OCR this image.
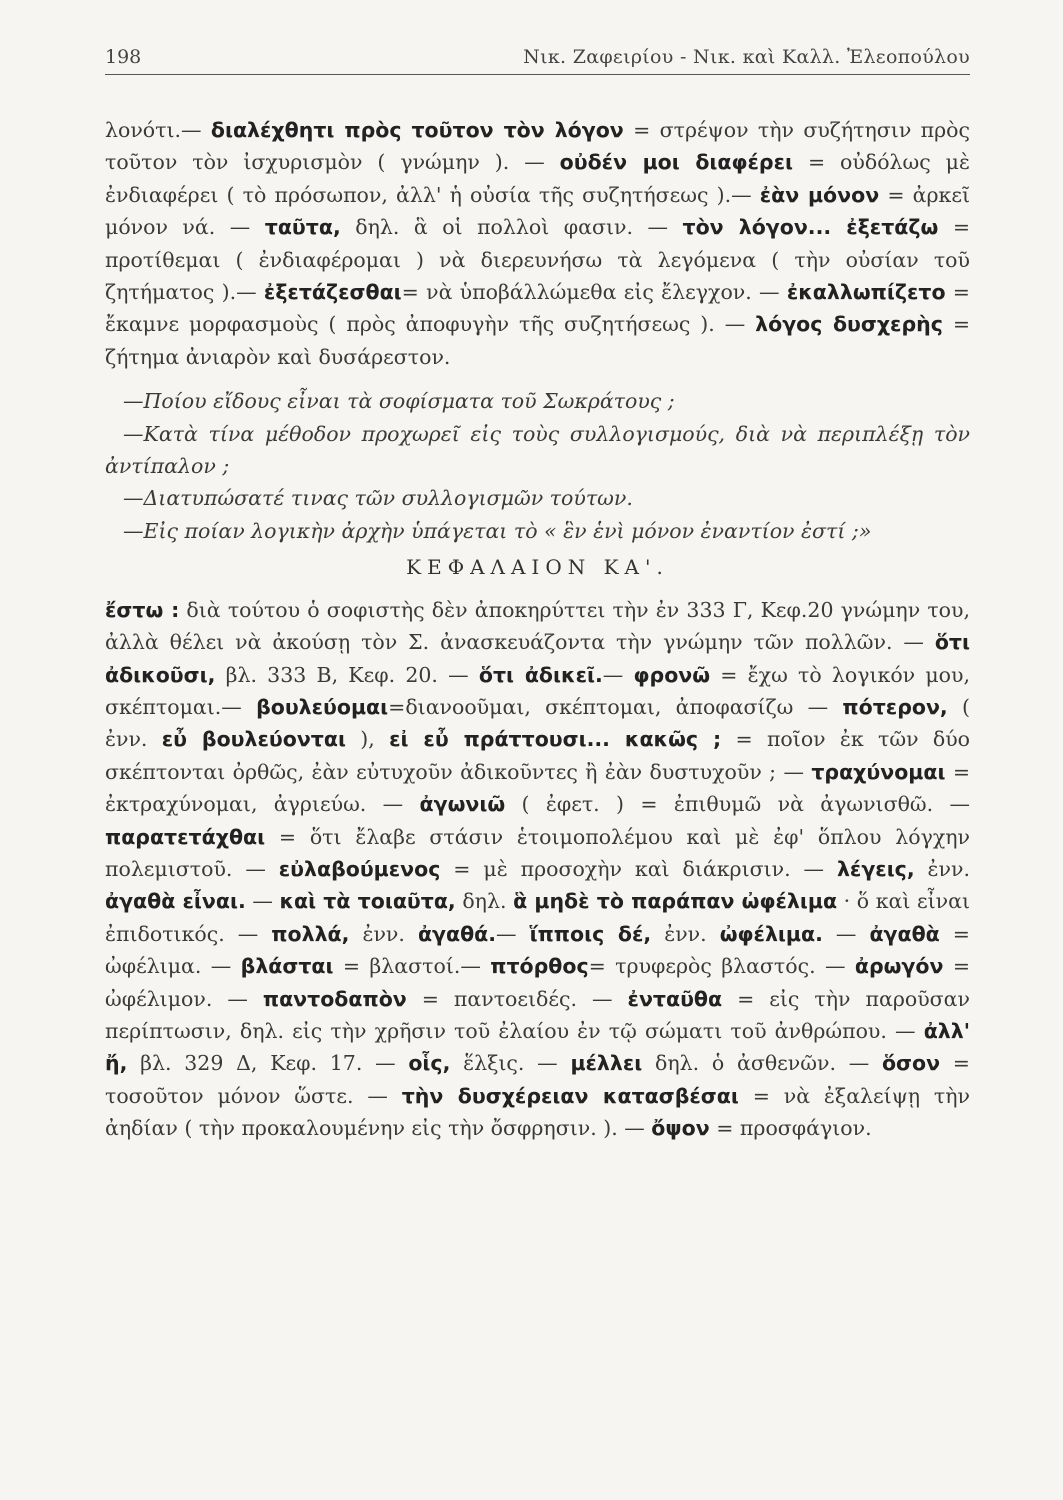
198	Νικ. Ζαφειρίου - Νικ. καὶ Καλλ. Ἐλεοπούλου

λονότι.— διαλέχθητι πρὸς τοῦτον τὸν λόγον = στρέψον τὴν συζήτησιν πρὸς τοῦτον τὸν ἰσχυρισμὸν ( γνώμην ). — οὐδέν μοι διαφέρει = οὐδόλως μὲ ἐνδιαφέρει ( τὸ πρόσωπον, ἀλλ' ἡ οὐσία τῆς συζητήσεως ).— ἐὰν μόνον = ἀρκεῖ μόνον νά. — ταῦτα, δηλ. ἃ οἱ πολλοὶ φασιν. — τὸν λόγον... ἐξετάζω = προτίθεμαι ( ἐνδιαφέρομαι ) νὰ διερευνήσω τὰ λεγόμενα ( τὴν οὐσίαν τοῦ ζητήματος ).— ἐξετάζεσθαι= νὰ ὑποβάλλώμεθα εἰς ἔλεγχον. — ἐκαλλωπίζετο = ἔκαμνε μορφασμοὺς ( πρὸς ἀποφυγὴν τῆς συζητήσεως ). — λόγος δυσχερὴς = ζήτημα ἀνιαρὸν καὶ δυσάρεστον.

—Ποίου εἴδους εἶναι τὰ σοφίσματα τοῦ Σωκράτους ;

—Κατὰ τίνα μέθοδον προχωρεῖ εἰς τοὺς συλλογισμούς, διὰ νὰ περιπλέξῃ τὸν ἀντίπαλον ;

—Διατυπώσατέ τινας τῶν συλλογισμῶν τούτων.

—Εἰς ποίαν λογικὴν ἀρχὴν ὑπάγεται τὸ « ἓν ἑνὶ μόνον ἐναντίον ἐστί ;»

ΚΕΦΑΛΑΙΟΝ ΚΑ'.

ἔστω : διὰ τούτου ὁ σοφιστὴς δὲν ἀποκηρύττει τὴν ἐν 333 Γ, Κεφ.20 γνώμην του, ἀλλὰ θέλει νὰ ἀκούσῃ τὸν Σ. ἀνασκευάζοντα τὴν γνώμην τῶν πολλῶν. — ὅτι ἀδικοῦσι, βλ. 333 Β, Κεφ. 20. — ὅτι ἀδικεῖ.— φρονῶ = ἔχω τὸ λογικόν μου, σκέπτομαι.— βουλεύομαι=διανοοῦμαι, σκέπτομαι, ἀποφασίζω — πότερον, ( ἐνν. εὖ βουλεύονται ), εἰ εὖ πράττουσι... κακῶς ; = ποῖον ἐκ τῶν δύο σκέπτονται ὀρθῶς, ἐὰν εὐτυχοῦν ἀδικοῦντες ἢ ἐὰν δυστυχοῦν ; — τραχύνομαι = ἐκτραχύνομαι, ἀγριεύω. — ἀγωνιῶ ( ἐφετ. ) = ἐπιθυμῶ νὰ ἀγωνισθῶ. — παρατετάχθαι = ὅτι ἔλαβε στάσιν ἑτοιμοπολέμου καὶ μὲ ἐφ' ὅπλου λόγχην πολεμιστοῦ. — εὐλαβούμενος = μὲ προσοχὴν καὶ διάκρισιν. — λέγεις, ἐνν. ἀγαθὰ εἶναι. — καὶ τὰ τοιαῦτα, δηλ. ἃ μηδὲ τὸ παράπαν ὠφέλιμα · ὅ καὶ εἶναι ἐπιδοτικός. — πολλά, ἐνν. ἀγαθά.— ἵπποις δέ, ἐνν. ὠφέλιμα. — ἀγαθὰ = ὠφέλιμα. — βλάσται = βλαστοί.— πτόρθος= τρυφερὸς βλαστός. — ἀρωγόν = ὠφέλιμον. — παντοδαπὸν = παντοειδές. — ἐνταῦθα = εἰς τὴν παροῦσαν περίπτωσιν, δηλ. εἰς τὴν χρῆσιν τοῦ ἐλαίου ἐν τῷ σώματι τοῦ ἀνθρώπου. — ἀλλ' ἤ, βλ. 329 Δ, Κεφ. 17. — οἷς, ἕλξις. — μέλλει δηλ. ὁ ἀσθενῶν. — ὅσον = τοσοῦτον μόνον ὥστε. — τὴν δυσχέρειαν κατασβέσαι = νὰ ἐξαλείψῃ τὴν ἀηδίαν ( τὴν προκαλουμένην εἰς τὴν ὄσφρησιν. ). — ὄψον = προσφάγιον.
